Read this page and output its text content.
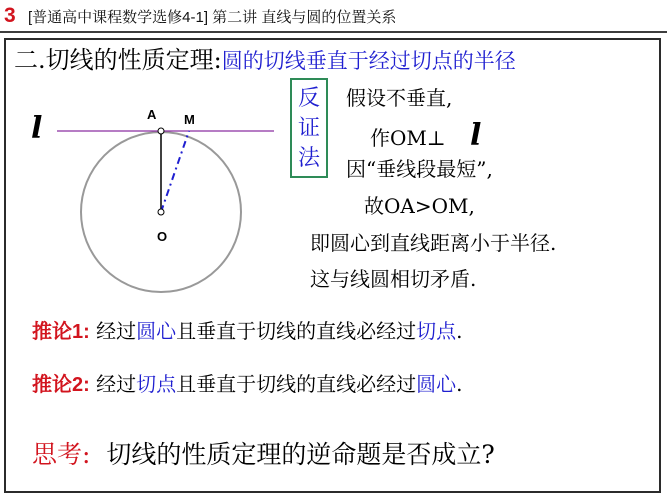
3 [普通高中课程数学选修4-1] 第二讲 直线与圆的位置关系
二.切线的性质定理:圆的切线垂直于经过切点的半径
A M
O
l
反
证
法
假设不垂直,
作OM⊥ l
因“垂线段最短”,
故OA>OM,
即圆心到直线距离小于半径.
这与线圆相切矛盾.
推论1: 经过圆心且垂直于切线的直线必经过切点.
推论2: 经过切点且垂直于切线的直线必经过圆心.
思考:  切线的性质定理的逆命题是否成立?
